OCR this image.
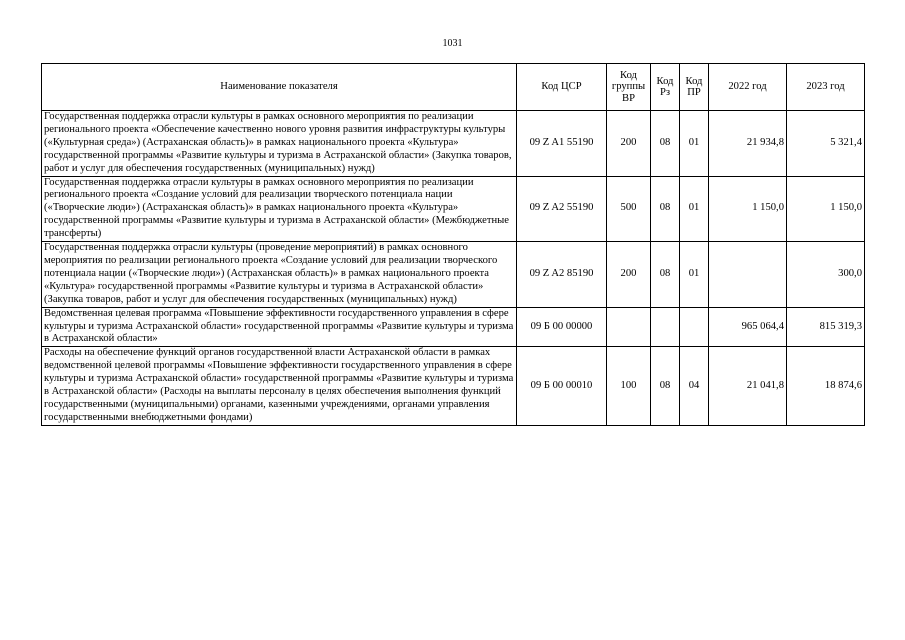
1031
Наименование показателя	Код ЦСР	Код группы ВР	Код Рз	Код ПР	2022 год	2023 год
Государственная поддержка отрасли культуры в рамках основного мероприятия по реализации регионального проекта «Обеспечение качественно нового уровня развития инфраструктуры культуры («Культурная среда») (Астраханская область)» в рамках национального проекта «Культура» государственной программы «Развитие культуры и туризма в Астраханской области» (Закупка товаров, работ и услуг для обеспечения государственных (муниципальных) нужд)	09 Z A1 55190	200	08	01	21 934,8	5 321,4
Государственная поддержка отрасли культуры в рамках основного мероприятия по реализации регионального проекта «Создание условий для реализации творческого потенциала нации («Творческие люди») (Астраханская область)» в рамках национального проекта «Культура» государственной программы «Развитие культуры и туризма в Астраханской области» (Межбюджетные трансферты)	09 Z A2 55190	500	08	01	1 150,0	1 150,0
Государственная поддержка отрасли культуры (проведение мероприятий) в рамках основного мероприятия по реализации регионального проекта «Создание условий для реализации творческого потенциала нации («Творческие люди») (Астраханская область)» в рамках национального проекта «Культура» государственной программы «Развитие культуры и туризма в Астраханской области» (Закупка товаров, работ и услуг для обеспечения государственных (муниципальных) нужд)	09 Z A2 85190	200	08	01		300,0
Ведомственная целевая программа «Повышение эффективности государственного управления в сфере культуры и туризма Астраханской области» государственной программы «Развитие культуры и туризма в Астраханской области»	09 Б 00 00000				965 064,4	815 319,3
Расходы на обеспечение функций органов государственной власти Астраханской области в рамках ведомственной целевой программы «Повышение эффективности государственного управления в сфере культуры и туризма Астраханской области» государственной программы «Развитие культуры и туризма в Астраханской области» (Расходы на выплаты персоналу в целях обеспечения выполнения функций государственными (муниципальными) органами, казенными учреждениями, органами управления государственными внебюджетными фондами)	09 Б 00 00010	100	08	04	21 041,8	18 874,6
